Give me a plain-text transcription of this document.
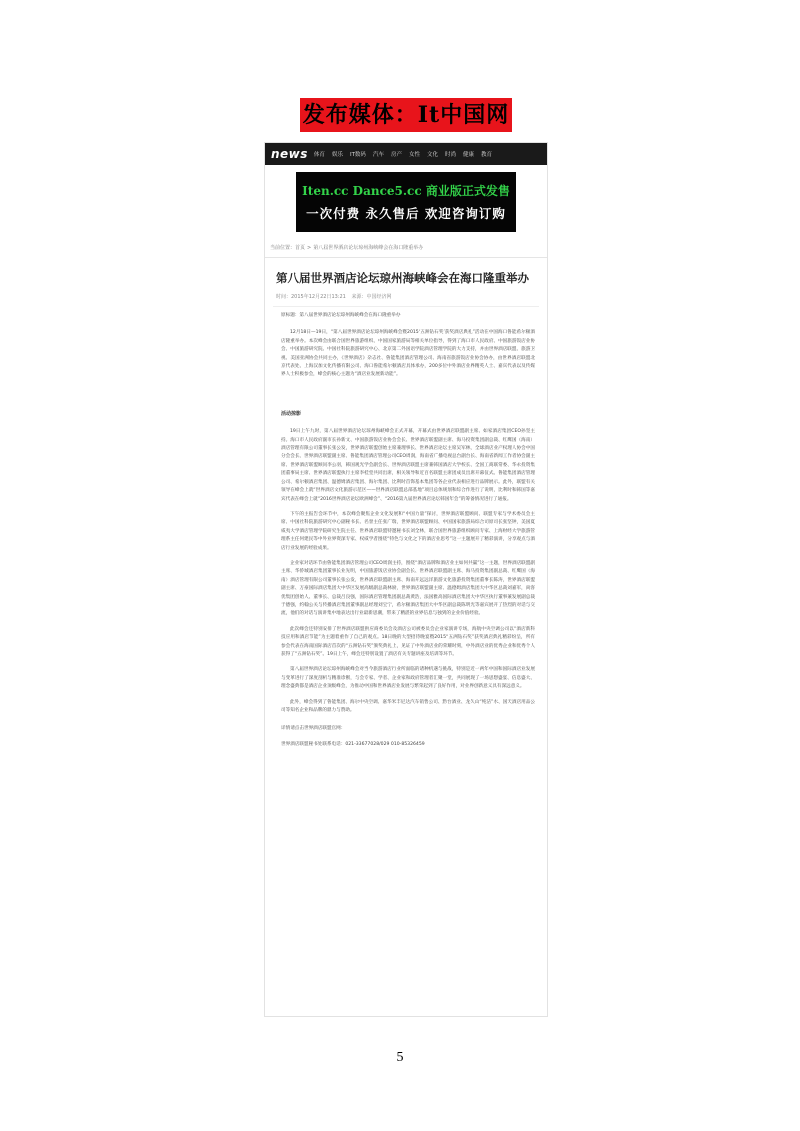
发布媒体：It中国网
news 体育 娱乐 IT数码 汽车 房产 女性 文化 时尚 健康 教育
Iten.cc Dance5.cc 商业版正式发售
一次付费 永久售后 欢迎咨询订购
当前位置：首页 > 第八届世界酒店论坛琼州海峡峰会在海口隆重举办
第八届世界酒店论坛琼州海峡峰会在海口隆重举办
时间：2015年12月22日13:21 来源：中国经济网

原标题：第八届世界酒店论坛琼州海峡峰会在海口隆重举办

12月18日—19日，“第八届世界酒店论坛琼州海峡峰会暨2015‘五洲钻石奖’获奖酒店典礼”活动在中国海口鲁能希尔顿酒店隆重举办。本次峰会由联合国世界旅游组织、中国国家旅游局等相关单位指导，得到了海口市人民政府、中国旅游饭店业协会、中国旅游研究院、中国社科院旅游研究中心、北京第二外国语学院酒店管理学院的大力支持，并由世界酒店联盟、旅游卫视、美国亚洲协会共同主办，《世界酒店》杂志社、鲁能集团酒店管理公司、海南省旅游饭店业协会协办，由世界酒店联盟北京代表处、上海汉加文化传播有限公司、海口鲁能希尔顿酒店具体承办，200多位中外酒店业界精英人士、嘉宾代表以及传媒界人士积极参会，峰会的核心主题为“酒店业发展新动能”。

活动掠影

19日上午九时，第八届世界酒店论坛琼州海峡峰会正式开幕，开幕式由世界酒店联盟副主席、如家酒店集团CEO孙坚主持。海口市人民政府副市长孙新文、中国旅游饭店业协会会长、世界酒店联盟副主席、海马投资集团副总裁、红鹰国（海南）酒店管理有限公司董事长张公发，世界酒店联盟创始主席兼理事长、世界酒店论坛主席吴军林，全球酒店业产权理人协会中国分会会长、世界酒店联盟副主席、鲁能集团酒店管理公司CEO周润，海南省广播电视总台副台长、海南省新闻工作者协会副主席、世界酒店联盟顾问李公羽，韩国观光学会副会长、世界酒店联盟主席兼韩国酒店大学校长、全国工商联常委、华永投资集团董事局主席、世界酒店联盟执行主席李桂堂共同出席，相关领导和近百名联盟主席团成员出席开幕仪式。鲁能集团酒店管理公司、希尔顿酒店集团、温德姆酒店集团、海尔集团、比利时首饰基本集团等各企业代表相应进行品牌展示。此外，联盟有关领导在峰会上就“世界酒店文化旅游示范区——世界酒店联盟总部基地”项目总体规划和综合作进行了说明，比利时和韩国等嘉宾代表在峰会上就“2016世界酒店论坛欧洲峰会”、“2016第九届世界酒店论坛韩国年会”的筹备情况进行了通报。

下午的主报告会环节中，本次峰会聚焦企业文化发展和“中国力量”探讨，世界酒店联盟顾问、联盟专家与学术委员会主席、中国社科院旅游研究中心副秘书长、名誉主任张广瑞，世界酒店联盟顾问、中国国家旅游局综合司原司长张坚钟，美国夏威夷大学酒店管理学院研究生院主任、世界酒店联盟特邀秘书长刘全林，联合国世界旅游组织顾问专家、上海财经大学旅游管理系主任何建民等中外业界资深专家、权威学者围绕“特色与文化之下的酒店业思考”这一主题展开了精彩演讲，分享观点与酒店行业发展的经验成果。

企业家对话环节由鲁能集团酒店管理公司CEO周润主持，围绕“酒店品牌和酒店业主如何共赢”这一主题，世界酒店联盟副主席、华侨城酒店集团董事长业先明，中国旅游饭店业协会副会长、世界酒店联盟副主席、海马投资集团副总裁、红鹰国（海南）酒店管理有限公司董事长张公发，世界酒店联盟副主席、海南开远远洋旅游文化旅游投资集团董事长陈涛，世界酒店联盟副主席、万豪国际酒店集团大中华区发展高级副总裁林励，世界酒店联盟副主席、温德姆酒店集团大中华区总裁刘嘉军，尚客优集团创始人、董事长、总裁吕良强，国际酒店管理集团副总裁黄浩，法国雅高国际酒店集团大中华区执行董事兼发展副总裁于德强，约翰公关与传播酒店集团董事副总经理刘宝宁，希尔顿酒店集团大中华区副总裁陈明光等嘉宾展开了热烈的对话与交流，他们的对话与演讲集中地表达出行业最新思潮，带来了精湛的业界信息与独到的企业价值经验。

此次峰会还特别安排了世界酒店联盟供应商委员会及酒店公司被委员会企业家演讲专场，海航中央空调公司以“酒店新科技应用和酒店节能”为主题着重作了自己的观点。18日晚的大型招待晚宴暨2015“五洲钻石奖”获奖酒店典礼精彩纷呈，所有参会代表在海南国际酒店首次的“五洲钻石奖”颁奖典礼上，见证了中外酒店业的荣耀时刻，中外酒店业的优秀企业和优秀个人获得了“五洲钻石奖”。19日上午，峰会还特别设置了酒店有关专题讲座及培训等环节。

第八届世界酒店论坛琼州海峡峰会对当今旅游酒店行业所面临的诸种机遇与挑战，特别是近一两年中国和国际酒店业发展与变革进行了深度剖析与精准诊断，与会专家、学者、企业家和政府管理者汇聚一堂，共同展现了一场思想盛宴、信息盛大、理念盛典都是酒店企业顶级峰会，为推动中国和世界酒店业发展与繁荣起到了良好作用，对业界创新意义具有深远意义。

此外，峰会得到了鲁能集团、海尔中央空调、嘉华米丰尼达汽车销售公司、黔台酒业、龙久山“纯洁”水、国天酒店用品公司等知名企业和品牌的鼎力与赞助。

详情请点击世界酒店联盟官网：

世界酒店联盟秘书处联系电话：021-33677028/029 010-85326459

5
